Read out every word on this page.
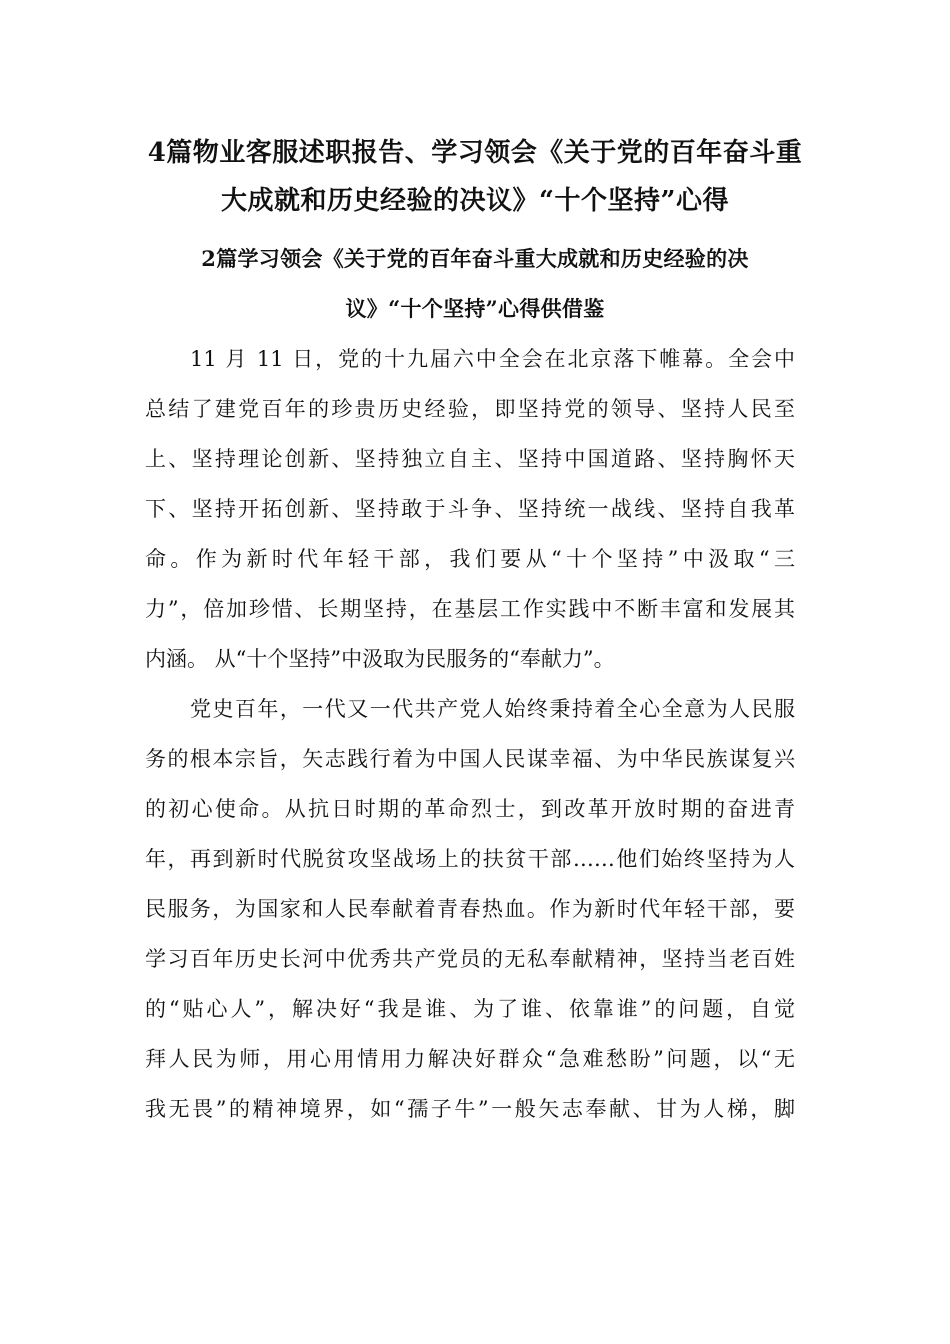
4篇物业客服述职报告、学习领会《关于党的百年奋斗重
大成就和历史经验的决议》“十个坚持”心得
2篇学习领会《关于党的百年奋斗重大成就和历史经验的决
议》“十个坚持”心得供借鉴
11 月 11 日，党的十九届六中全会在北京落下帷幕。全会中
总结了建党百年的珍贵历史经验，即坚持党的领导、坚持人民至
上、坚持理论创新、坚持独立自主、坚持中国道路、坚持胸怀天
下、坚持开拓创新、坚持敢于斗争、坚持统一战线、坚持自我革
命。作为新时代年轻干部，我们要从“十个坚持”中汲取“三
力”，倍加珍惜、长期坚持，在基层工作实践中不断丰富和发展其
内涵。 从“十个坚持”中汲取为民服务的“奉献力”。
党史百年，一代又一代共产党人始终秉持着全心全意为人民服
务的根本宗旨，矢志践行着为中国人民谋幸福、为中华民族谋复兴
的初心使命。从抗日时期的革命烈士，到改革开放时期的奋进青
年，再到新时代脱贫攻坚战场上的扶贫干部……他们始终坚持为人
民服务，为国家和人民奉献着青春热血。作为新时代年轻干部，要
学习百年历史长河中优秀共产党员的无私奉献精神，坚持当老百姓
的“贴心人”，解决好“我是谁、为了谁、依靠谁”的问题，自觉
拜人民为师，用心用情用力解决好群众“急难愁盼”问题，以“无
我无畏”的精神境界，如“孺子牛”一般矢志奉献、甘为人梯，脚
